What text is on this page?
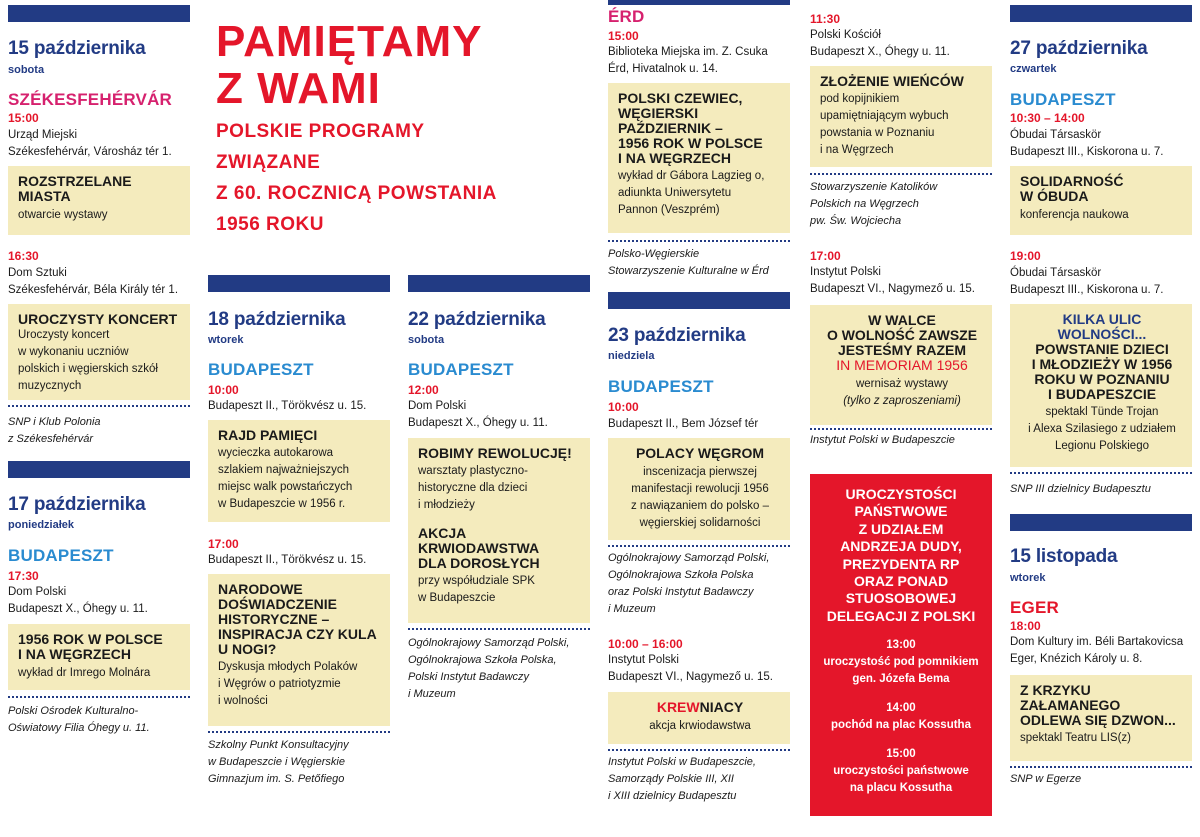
15 października
sobota
SZÉKESFEHÉRVÁR
15:00
Urząd Miejski
Székesfehérvár, Városház tér 1.
ROZSTRZELANE
MIASTA
otwarcie wystawy
16:30
Dom Sztuki
Székesfehérvár, Béla Király tér 1.
UROCZYSTY KONCERT
Uroczysty koncert
w wykonaniu uczniów
polskich i węgierskich szkół
muzycznych
SNP i Klub Polonia
z Székesfehérvár
17 października
poniedziałek
BUDAPESZT
17:30
Dom Polski
Budapeszt X., Óhegy u. 11.
1956 ROK W POLSCE
I NA WĘGRZECH
wykład dr Imrego Molnára
Polski Ośrodek Kulturalno-
Oświatowy Filia Óhegy u. 11.
PAMIĘTAMY
Z WAMI
POLSKIE PROGRAMY
ZWIĄZANE
Z 60. ROCZNICĄ POWSTANIA
1956 ROKU
18 października
wtorek
BUDAPESZT
10:00
Budapeszt II., Törökvész u. 15.
RAJD PAMIĘCI
wycieczka autokarowa
szlakiem najważniejszych
miejsc walk powstańczych
w Budapeszcie w 1956 r.
17:00
Budapeszt II., Törökvész u. 15.
NARODOWE
DOŚWIADCZENIE
HISTORYCZNE –
INSPIRACJA CZY KULA
U NOGI?
Dyskusja młodych Polaków
i Węgrów o patriotyzmie
i wolności
Szkolny Punkt Konsultacyjny
w Budapeszcie i Węgierskie
Gimnazjum im. S. Petőfiego
22 października
sobota
BUDAPESZT
12:00
Dom Polski
Budapeszt X., Óhegy u. 11.
ROBIMY REWOLUCJĘ!
warsztaty plastyczno-
historyczne dla dzieci
i młodzieży
AKCJA
KRWIODAWSTWA
DLA DOROSŁYCH
przy współudziale SPK
w Budapeszcie
Ogólnokrajowy Samorząd Polski,
Ogólnokrajowa Szkoła Polska,
Polski Instytut Badawczy
i Muzeum
ÉRD
15:00
Biblioteka Miejska im. Z. Csuka
Érd, Hivatalnok u. 14.
POLSKI CZEWIEC,
WĘGIERSKI
PAŹDZIERNIK –
1956 ROK W POLSCE
I NA WĘGRZECH
wykład dr Gábora Lagzieg o,
adiunkta Uniwersytetu
Pannon (Veszprém)
Polsko-Węgierskie
Stowarzyszenie Kulturalne w Érd
23 października
niedziela
BUDAPESZT
10:00
Budapeszt II., Bem József tér
POLACY WĘGROM
inscenizacja pierwszej
manifestacji rewolucji 1956
z nawiązaniem do polsko –
węgierskiej solidarności
Ogólnokrajowy Samorząd Polski,
Ogólnokrajowa Szkoła Polska
oraz Polski Instytut Badawczy
i Muzeum
10:00 – 16:00
Instytut Polski
Budapeszt VI., Nagymező u. 15.
KREWNIACY
akcja krwiodawstwa
Instytut Polski w Budapeszcie,
Samorządy Polskie III, XII
i XIII dzielnicy Budapesztu
11:30
Polski Kościół
Budapeszt X., Óhegy u. 11.
ZŁOŻENIE WIEŃCÓW
pod kopijnikiem
upamiętniającym wybuch
powstania w Poznaniu
i na Węgrzech
Stowarzyszenie Katolików
Polskich na Węgrzech
pw. Św. Wojciecha
17:00
Instytut Polski
Budapeszt VI., Nagymező u. 15.
W WALCE
O WOLNOŚĆ ZAWSZE
JESTEŚMY RAZEM
IN MEMORIAM 1956
wernisaż wystawy
(tylko z zaproszeniami)
Instytut Polski w Budapeszcie
UROCZYSTOŚCI
PAŃSTWOWE
Z UDZIAŁEM
ANDRZEJA DUDY,
PREZYDENTA RP
ORAZ PONAD
STUOSOBOWEJ
DELEGACJI Z POLSKI
13:00
uroczystość pod pomnikiem
gen. Józefa Bema
14:00
pochód na plac Kossutha
15:00
uroczystości państwowe
na placu Kossutha
27 października
czwartek
BUDAPESZT
10:30 – 14:00
Óbudai Társaskör
Budapeszt III., Kiskorona u. 7.
SOLIDARNOŚĆ
W ÓBUDA
konferencja naukowa
19:00
Óbudai Társaskör
Budapeszt III., Kiskorona u. 7.
KILKA ULIC
WOLNOŚCI...
POWSTANIE DZIECI
I MŁODZIEŻY W 1956
ROKU W POZNANIU
I BUDAPESZCIE
spektakl Tünde Trojan
i Alexa Szilasiego z udziałem
Legionu Polskiego
SNP III dzielnicy Budapesztu
15 listopada
wtorek
EGER
18:00
Dom Kultury im. Béli Bartakovicsa
Eger, Knézich Károly u. 8.
Z KRZYKU
ZAŁAMANEGO
ODLEWA SIĘ DZWON...
spektakl Teatru LIS(z)
SNP w Egerze
